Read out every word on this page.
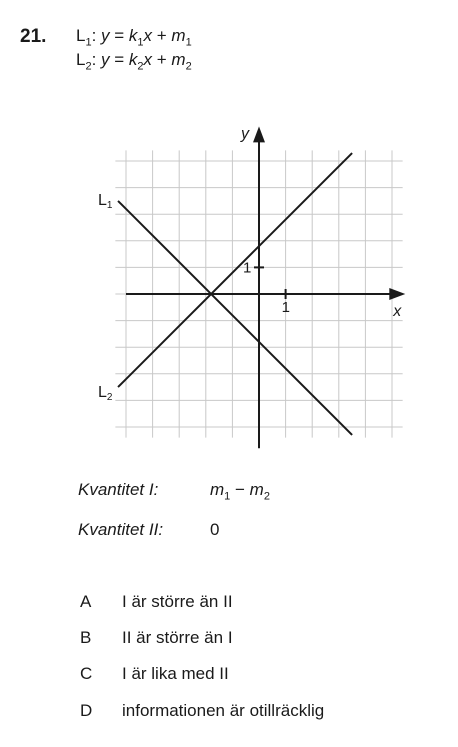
21. $L_1$: $y = k_1x + m_1$
$L_2$: $y = k_2x + m_2$
L1
L2
1
1
x
y
Kvantitet I:	$m_1 - m_2$
Kvantitet II:	0
A I är större än II
B II är större än I
C I är lika med II
D informationen är otillräcklig
